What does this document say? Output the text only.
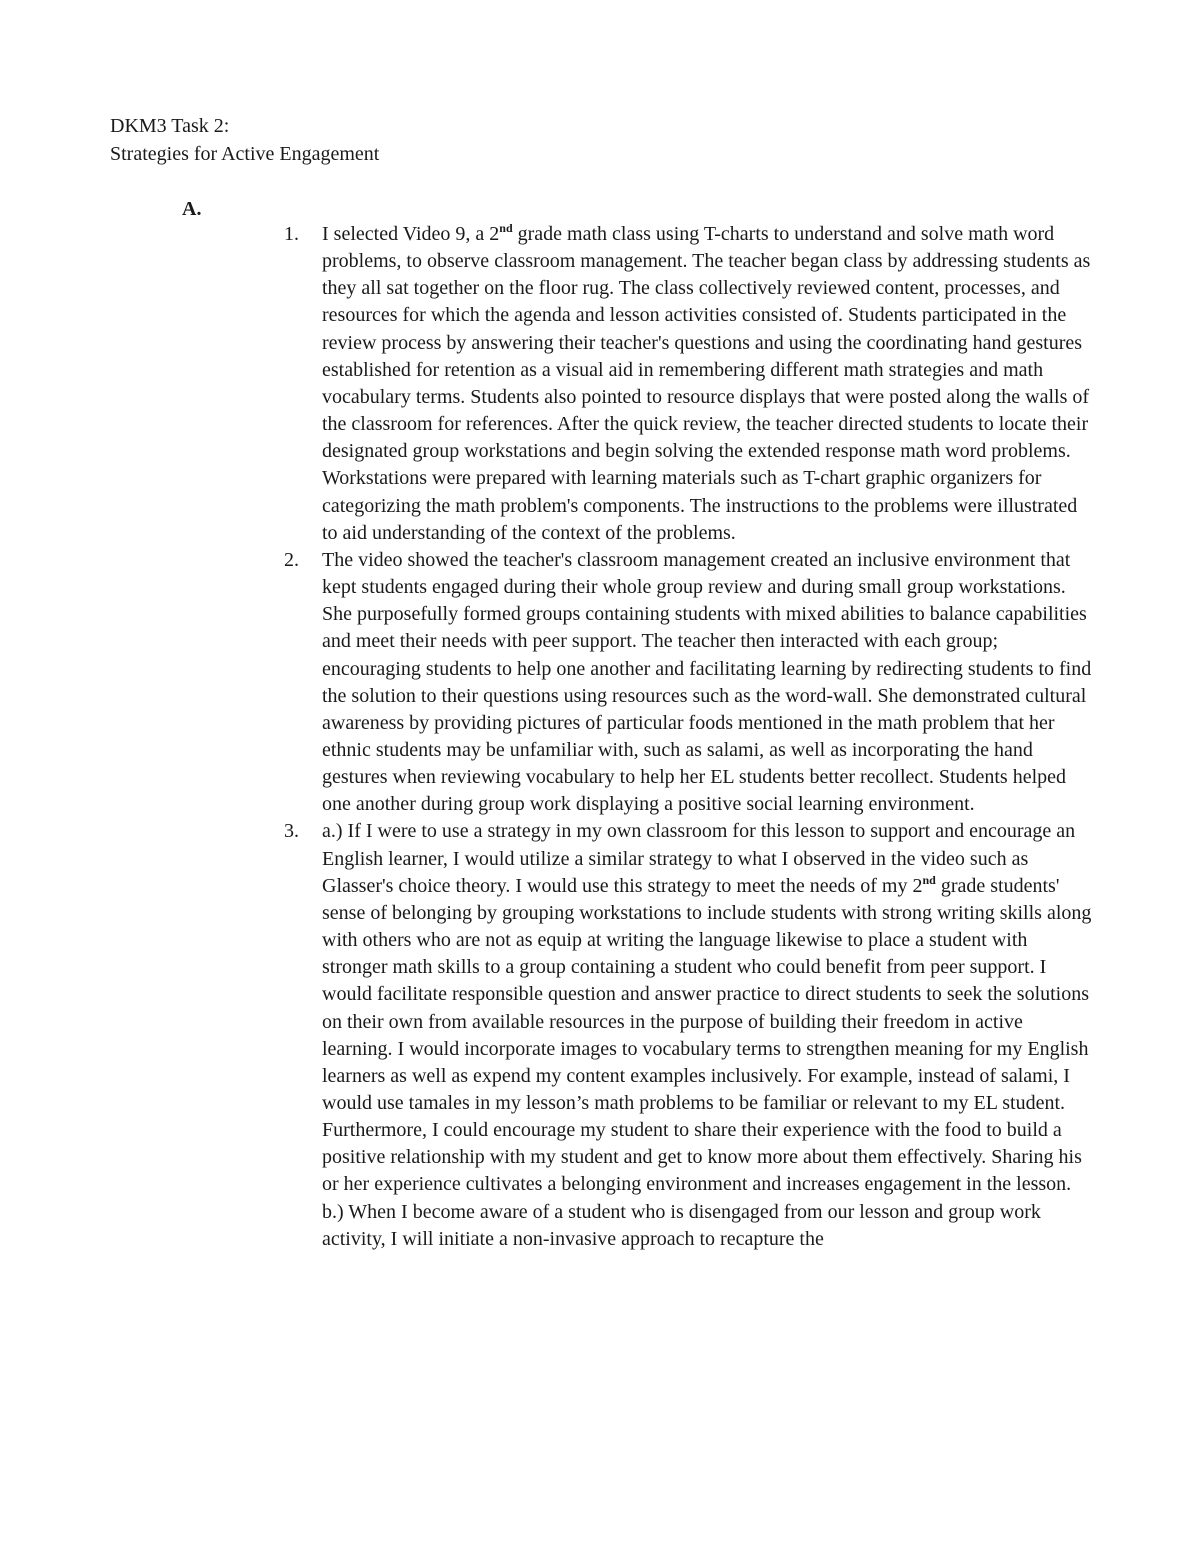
DKM3 Task 2:
Strategies for Active Engagement
A.
1.	I selected Video 9, a 2nd grade math class using T-charts to understand and solve math word problems, to observe classroom management. The teacher began class by addressing students as they all sat together on the floor rug. The class collectively reviewed content, processes, and resources for which the agenda and lesson activities consisted of. Students participated in the review process by answering their teacher's questions and using the coordinating hand gestures established for retention as a visual aid in remembering different math strategies and math vocabulary terms. Students also pointed to resource displays that were posted along the walls of the classroom for references. After the quick review, the teacher directed students to locate their designated group workstations and begin solving the extended response math word problems. Workstations were prepared with learning materials such as T-chart graphic organizers for categorizing the math problem's components. The instructions to the problems were illustrated to aid understanding of the context of the problems.

2.	The video showed the teacher's classroom management created an inclusive environment that kept students engaged during their whole group review and during small group workstations. She purposefully formed groups containing students with mixed abilities to balance capabilities and meet their needs with peer support. The teacher then interacted with each group; encouraging students to help one another and facilitating learning by redirecting students to find the solution to their questions using resources such as the word-wall. She demonstrated cultural awareness by providing pictures of particular foods mentioned in the math problem that her ethnic students may be unfamiliar with, such as salami, as well as incorporating the hand gestures when reviewing vocabulary to help her EL students better recollect. Students helped one another during group work displaying a positive social learning environment.

3.	a.) If I were to use a strategy in my own classroom for this lesson to support and encourage an English learner, I would utilize a similar strategy to what I observed in the video such as Glasser's choice theory. I would use this strategy to meet the needs of my 2nd grade students' sense of belonging by grouping workstations to include students with strong writing skills along with others who are not as equip at writing the language likewise to place a student with stronger math skills to a group containing a student who could benefit from peer support. I would facilitate responsible question and answer practice to direct students to seek the solutions on their own from available resources in the purpose of building their freedom in active learning. I would incorporate images to vocabulary terms to strengthen meaning for my English learners as well as expend my content examples inclusively. For example, instead of salami, I would use tamales in my lesson’s math problems to be familiar or relevant to my EL student. Furthermore, I could encourage my student to share their experience with the food to build a positive relationship with my student and get to know more about them effectively. Sharing his or her experience cultivates a belonging environment and increases engagement in the lesson.

b.) When I become aware of a student who is disengaged from our lesson and group work activity, I will initiate a non-invasive approach to recapture the
